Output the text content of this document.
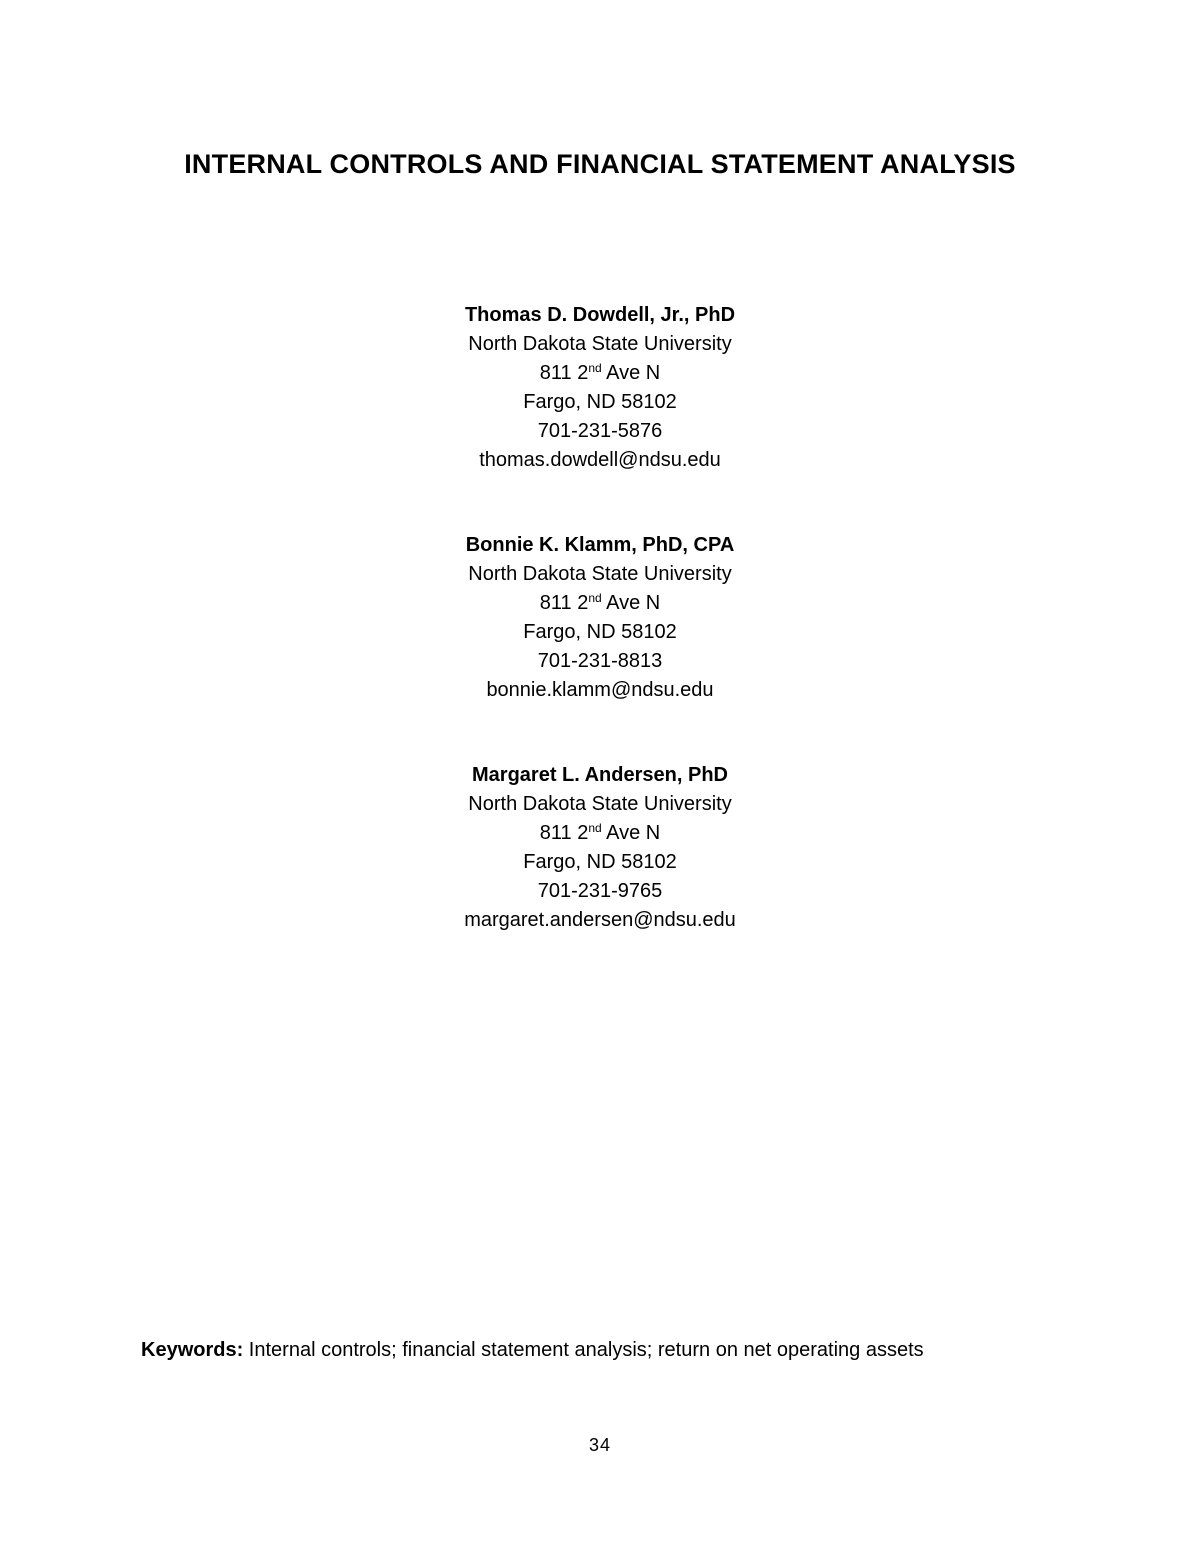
INTERNAL CONTROLS AND FINANCIAL STATEMENT ANALYSIS
Thomas D. Dowdell, Jr., PhD
North Dakota State University
811 2nd Ave N
Fargo, ND 58102
701-231-5876
thomas.dowdell@ndsu.edu
Bonnie K. Klamm, PhD, CPA
North Dakota State University
811 2nd Ave N
Fargo, ND 58102
701-231-8813
bonnie.klamm@ndsu.edu
Margaret L. Andersen, PhD
North Dakota State University
811 2nd Ave N
Fargo, ND 58102
701-231-9765
margaret.andersen@ndsu.edu
Keywords: Internal controls; financial statement analysis; return on net operating assets
34
